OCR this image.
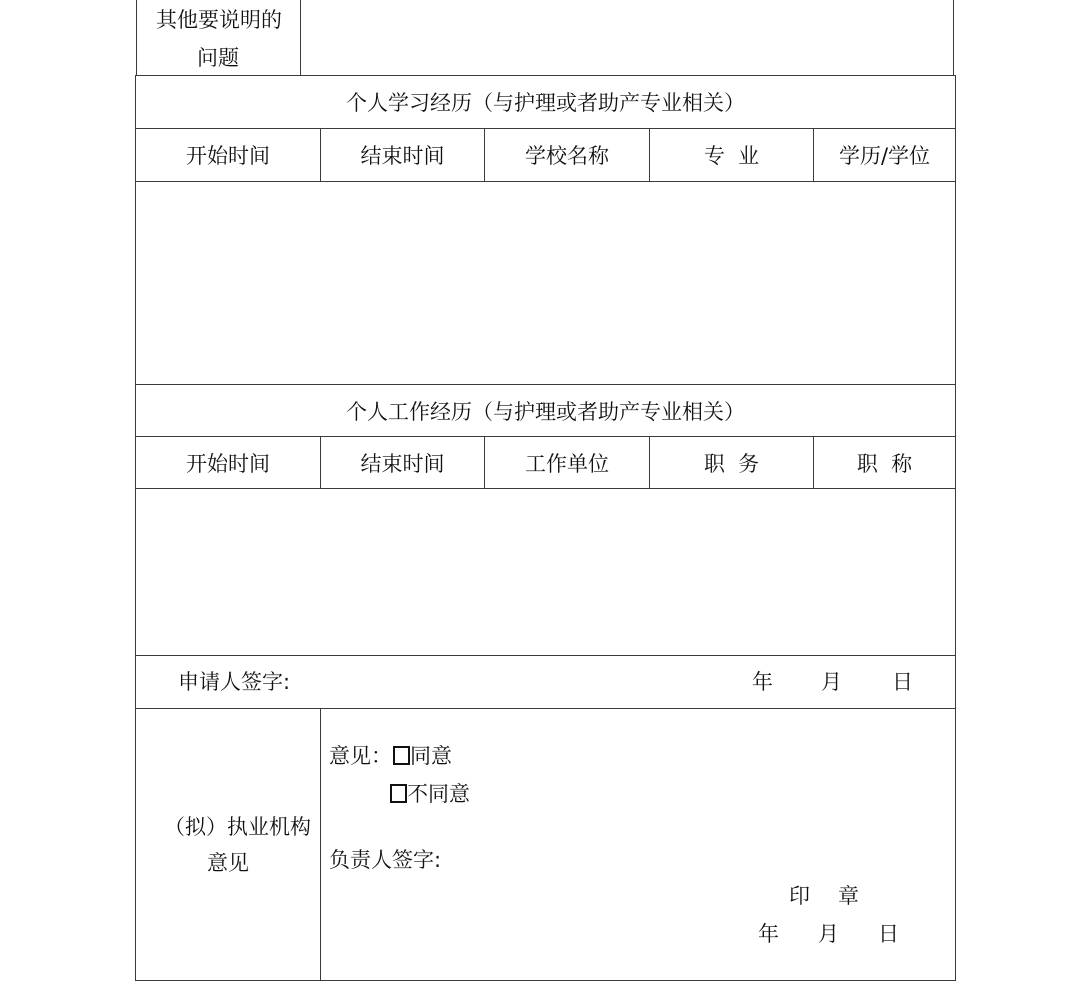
其他要说明的
问题
个人学习经历（与护理或者助产专业相关）
开始时间	结束时间	学校名称	专  业	学历/学位
个人工作经历（与护理或者助产专业相关）
开始时间	结束时间	工作单位	职  务	职  称
申请人签字:	年 月 日
（拟）执业机构
意见
意见： 同意
不同意
负责人签字:
印 章
年 月 日
